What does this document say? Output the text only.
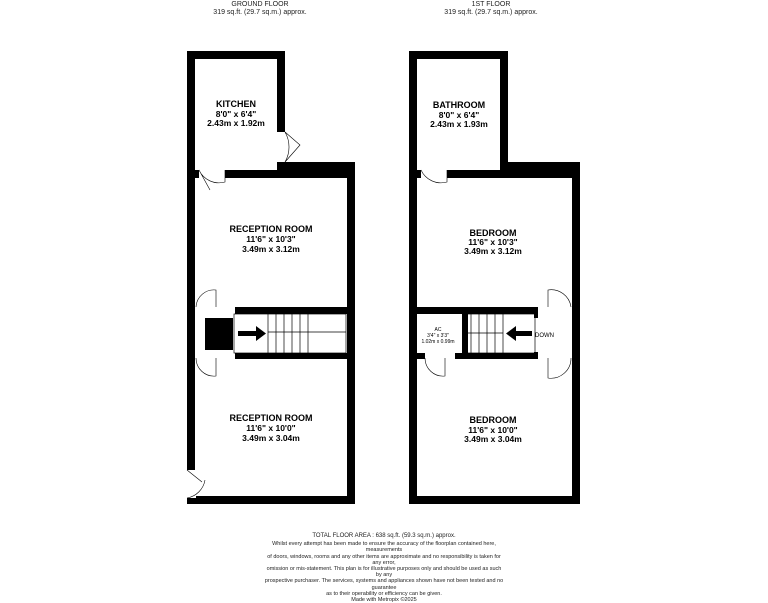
GROUND FLOOR
319 sq.ft. (29.7 sq.m.) approx.
1ST FLOOR
319 sq.ft. (29.7 sq.m.) approx.
KITCHEN
8'0" x 6'4"
2.43m x 1.92m
RECEPTION ROOM
11'6" x 10'3"
3.49m x 3.12m
RECEPTION ROOM
11'6" x 10'0"
3.49m x 3.04m
UP
BATHROOM
8'0" x 6'4"
2.43m x 1.93m
BEDROOM
11'6" x 10'3"
3.49m x 3.12m
BEDROOM
11'6" x 10'0"
3.49m x 3.04m
DOWN
AC
3'4" x 3'3"
1.02m x 0.99m
TOTAL FLOOR AREA : 638 sq.ft. (59.3 sq.m.) approx.
Whilst every attempt has been made to ensure the accuracy of the floorplan contained here, measurements
of doors, windows, rooms and any other items are approximate and no responsibility is taken for any error,
omission or mis-statement. This plan is for illustrative purposes only and should be used as such by any
prospective purchaser. The services, systems and appliances shown have not been tested and no guarantee
as to their operability or efficiency can be given.
Made with Metropix ©2025
